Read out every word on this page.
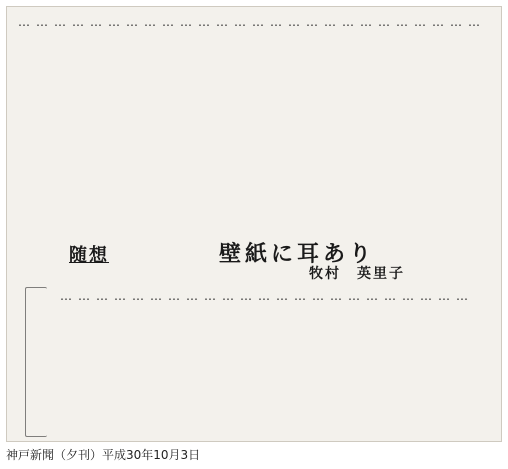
… … … … … … … … … … … … … … … … … … … … … … … … … …
随想	壁紙に耳あり
牧村　英里子
… … … … … … … … … … … … … … … … … … … … … … …
神戸新聞（夕刊）平成30年10月3日
